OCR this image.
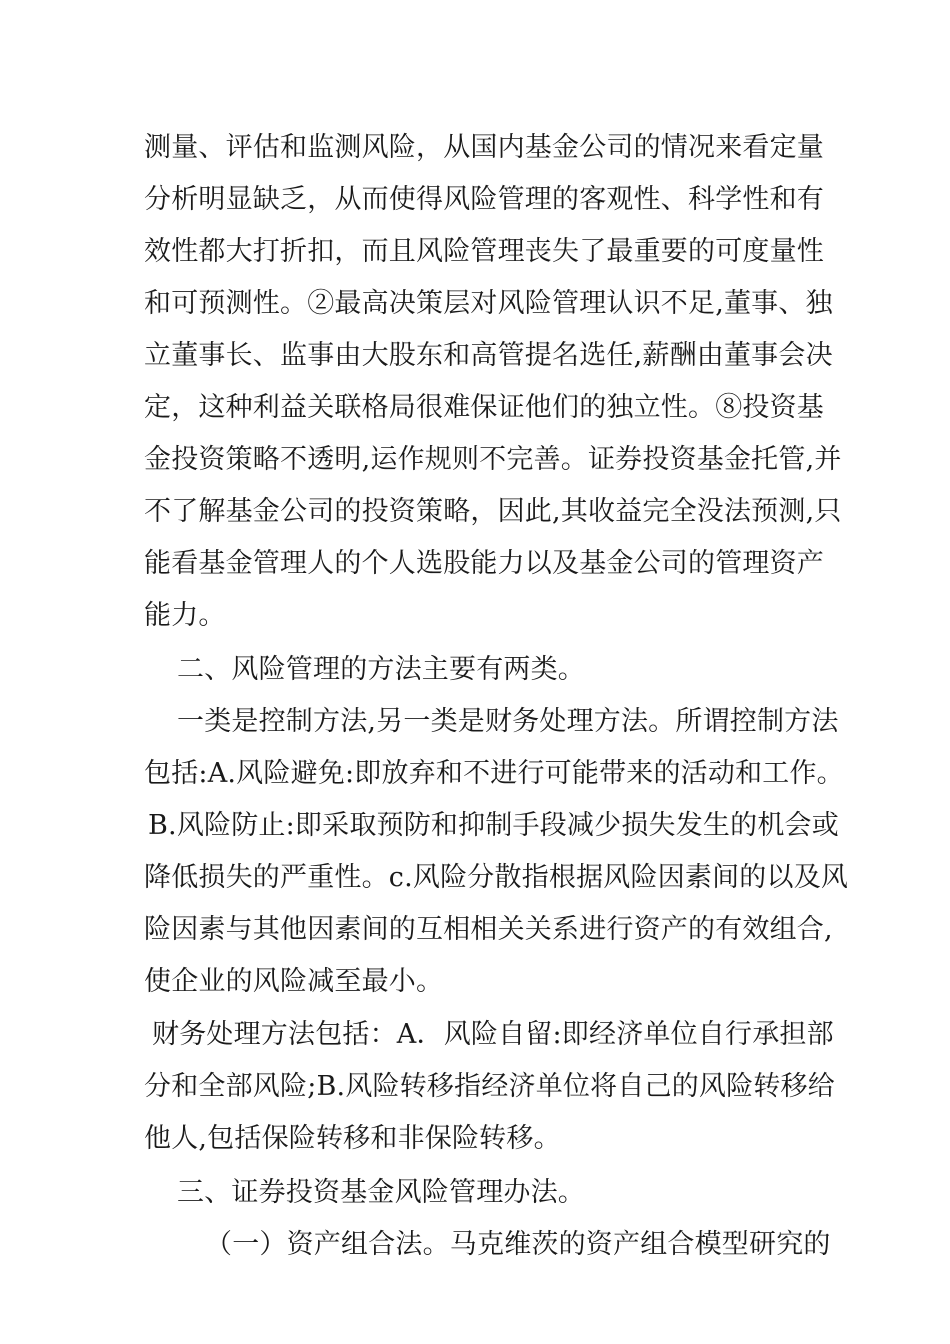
测量、评估和监测风险，从国内基金公司的情况来看定量
分析明显缺乏，从而使得风险管理的客观性、科学性和有
效性都大打折扣，而且风险管理丧失了最重要的可度量性
和可预测性。②最高决策层对风险管理认识不足,董事、独
立董事长、监事由大股东和高管提名选任,薪酬由董事会决
定，这种利益关联格局很难保证他们的独立性。⑧投资基
金投资策略不透明,运作规则不完善。证券投资基金托管,并
不了解基金公司的投资策略，因此,其收益完全没法预测,只
能看基金管理人的个人选股能力以及基金公司的管理资产
能力。
二、风险管理的方法主要有两类。
一类是控制方法,另一类是财务处理方法。所谓控制方法
包括:A.风险避免:即放弃和不进行可能带来的活动和工作。
B.风险防止:即采取预防和抑制手段减少损失发生的机会或
降低损失的严重性。c.风险分散指根据风险因素间的以及风
险因素与其他因素间的互相相关关系进行资产的有效组合,
使企业的风险减至最小。
财务处理方法包括：A．风险自留:即经济单位自行承担部
分和全部风险;B.风险转移指经济单位将自己的风险转移给
他人,包括保险转移和非保险转移。
三、证券投资基金风险管理办法。
（一）资产组合法。马克维茨的资产组合模型研究的
